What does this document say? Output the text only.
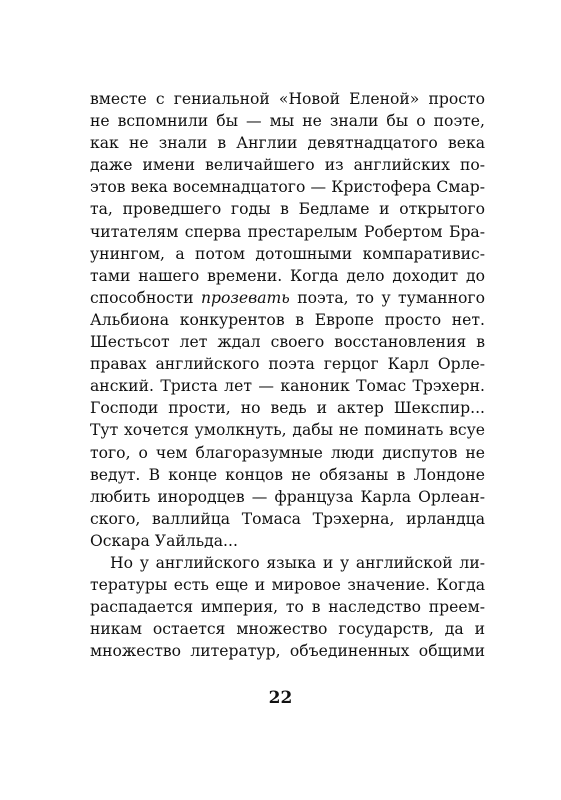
вместе с гениальной «Новой Еленой» просто
не вспомнили бы — мы не знали бы о поэте,
как не знали в Англии девятнадцатого века
даже имени величайшего из английских по-
этов века восемнадцатого — Кристофера Смар-
та, проведшего годы в Бедламе и открытого
читателям сперва престарелым Робертом Бра-
унингом, а потом дотошными компаративис-
тами нашего времени. Когда дело доходит до
способности прозевать поэта, то у туманного
Альбиона конкурентов в Европе просто нет.
Шестьсот лет ждал своего восстановления в
правах английского поэта герцог Карл Орле-
анский. Триста лет — каноник Томас Трэхерн.
Господи прости, но ведь и актер Шекспир...
Тут хочется умолкнуть, дабы не поминать всуе
того, о чем благоразумные люди диспутов не
ведут. В конце концов не обязаны в Лондоне
любить инородцев — француза Карла Орлеан-
ского, валлийца Томаса Трэхерна, ирландца
Оскара Уайльда...
Но у английского языка и у английской ли-
тературы есть еще и мировое значение. Когда
распадается империя, то в наследство преем-
никам остается множество государств, да и
множество литератур, объединенных общими
22
